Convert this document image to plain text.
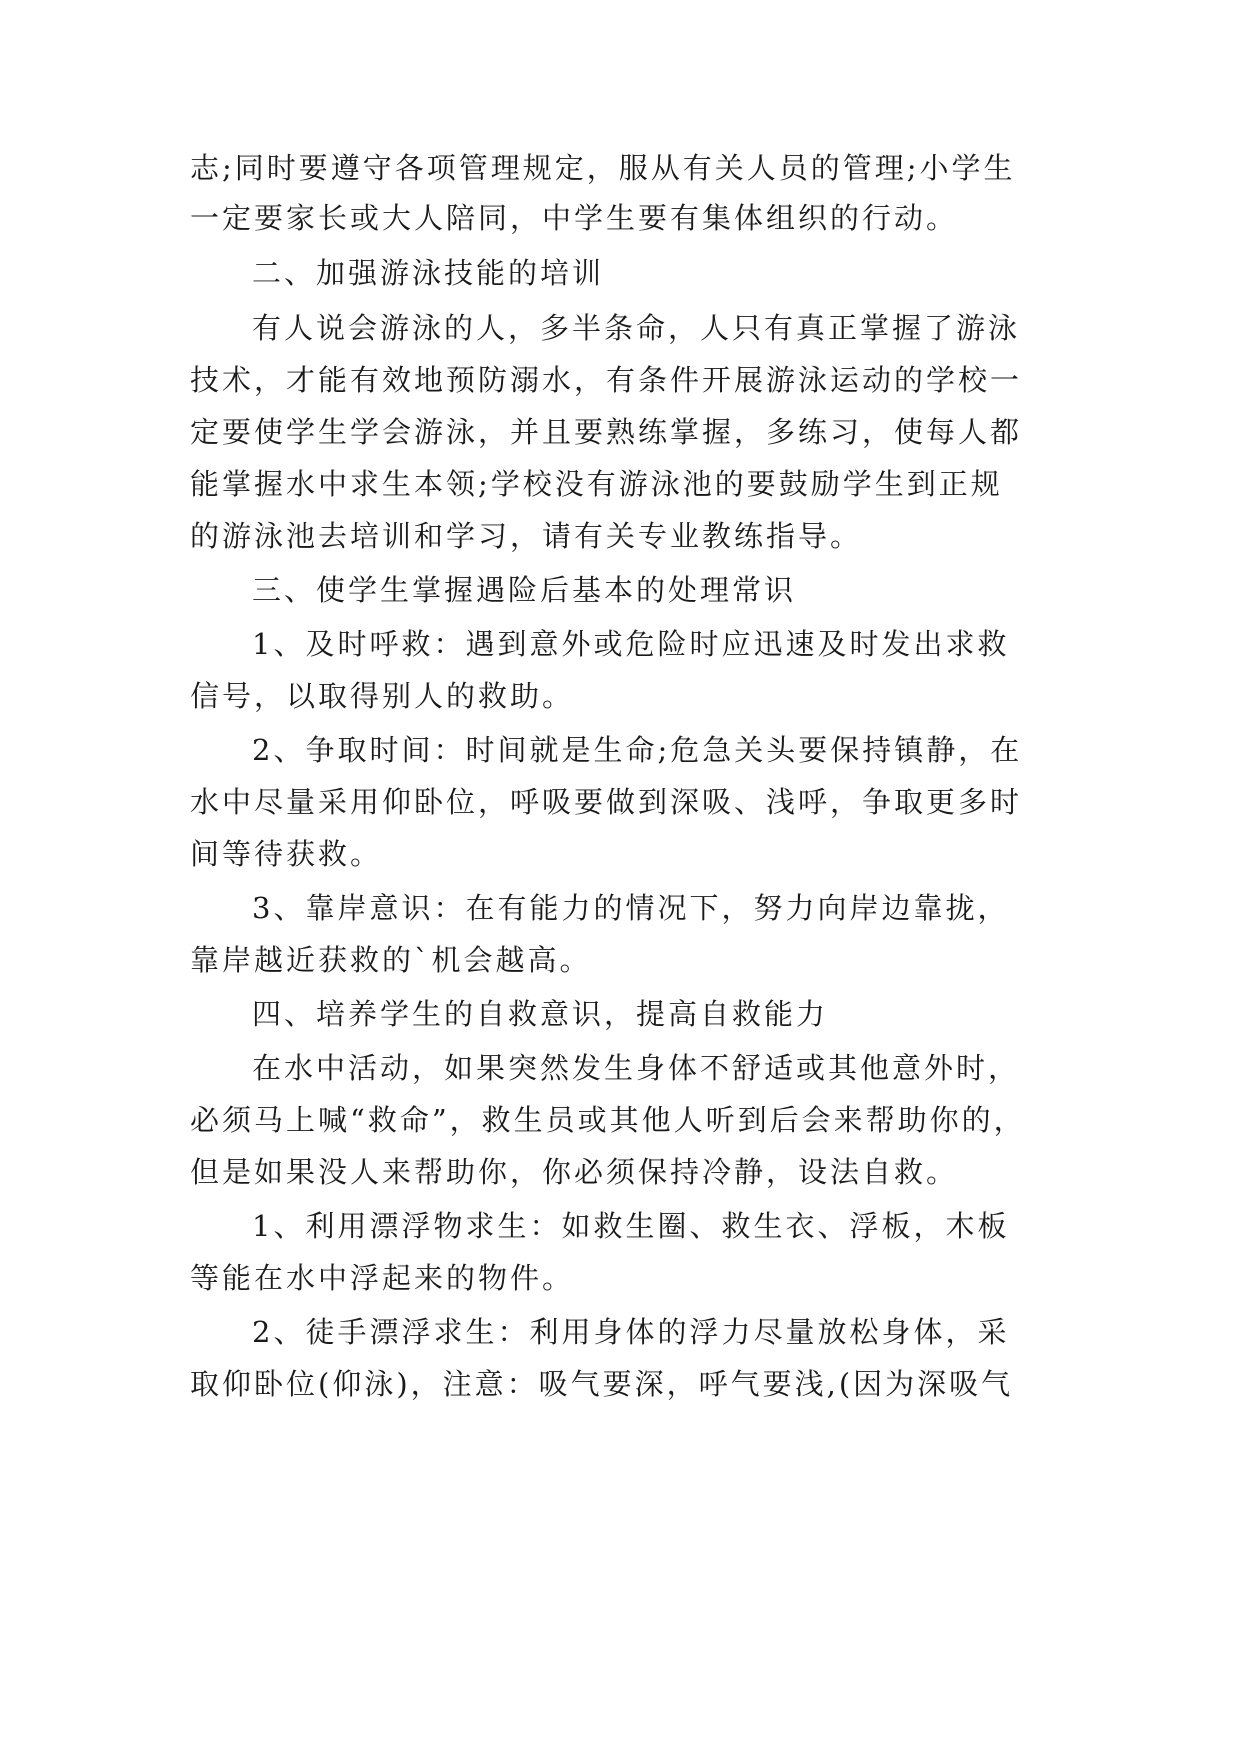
志;同时要遵守各项管理规定，服从有关人员的管理;小学生
一定要家长或大人陪同，中学生要有集体组织的行动。
二、加强游泳技能的培训
有人说会游泳的人，多半条命，人只有真正掌握了游泳
技术，才能有效地预防溺水，有条件开展游泳运动的学校一
定要使学生学会游泳，并且要熟练掌握，多练习，使每人都
能掌握水中求生本领;学校没有游泳池的要鼓励学生到正规
的游泳池去培训和学习，请有关专业教练指导。
三、使学生掌握遇险后基本的处理常识
1、及时呼救：遇到意外或危险时应迅速及时发出求救
信号，以取得别人的救助。
2、争取时间：时间就是生命;危急关头要保持镇静，在
水中尽量采用仰卧位，呼吸要做到深吸、浅呼，争取更多时
间等待获救。
3、靠岸意识：在有能力的情况下，努力向岸边靠拢，
靠岸越近获救的`机会越高。
四、培养学生的自救意识，提高自救能力
在水中活动，如果突然发生身体不舒适或其他意外时，
必须马上喊“救命”，救生员或其他人听到后会来帮助你的，
但是如果没人来帮助你，你必须保持冷静，设法自救。
1、利用漂浮物求生：如救生圈、救生衣、浮板，木板
等能在水中浮起来的物件。
2、徒手漂浮求生：利用身体的浮力尽量放松身体，采
取仰卧位(仰泳)，注意：吸气要深，呼气要浅,(因为深吸气
